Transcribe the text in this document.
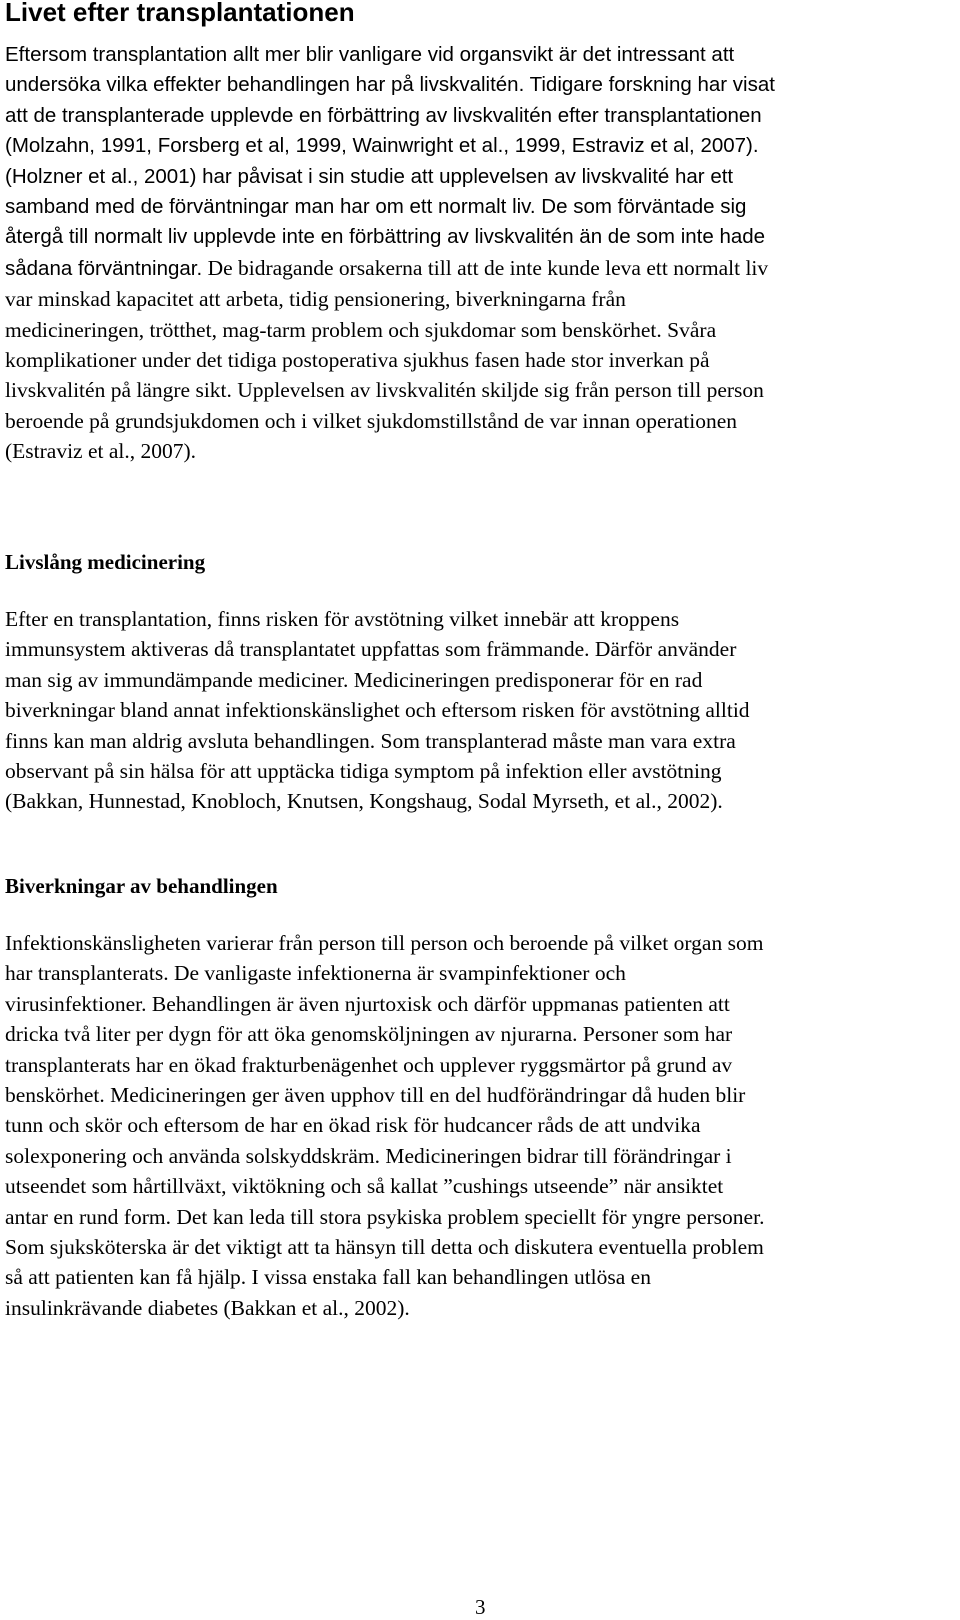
Livet efter transplantationen
Eftersom transplantation allt mer blir vanligare vid organsvikt är det intressant att
undersöka vilka effekter behandlingen har på livskvalitén. Tidigare forskning har visat
att de transplanterade upplevde en förbättring av livskvalitén efter transplantationen
(Molzahn, 1991, Forsberg et al, 1999, Wainwright et al., 1999, Estraviz et al, 2007).
(Holzner et al., 2001) har påvisat i sin studie att upplevelsen av livskvalité har ett
samband med de förväntningar man har om ett normalt liv. De som förväntade sig
återgå till normalt liv upplevde inte en förbättring av livskvalitén än de som inte hade
sådana förväntningar. De bidragande orsakerna till att de inte kunde leva ett normalt liv
var minskad kapacitet att arbeta, tidig pensionering, biverkningarna från
medicineringen, trötthet, mag-tarm problem och sjukdomar som benskörhet. Svåra
komplikationer under det tidiga postoperativa sjukhus fasen hade stor inverkan på
livskvalitén på längre sikt. Upplevelsen av livskvalitén skiljde sig från person till person
beroende på grundsjukdomen och i vilket sjukdomstillstånd de var innan operationen
(Estraviz et al., 2007).
Livslång medicinering
Efter en transplantation, finns risken för avstötning vilket innebär att kroppens
immunsystem aktiveras då transplantatet uppfattas som främmande. Därför använder
man sig av immundämpande mediciner. Medicineringen predisponerar för en rad
biverkningar bland annat infektionskänslighet och eftersom risken för avstötning alltid
finns kan man aldrig avsluta behandlingen. Som transplanterad måste man vara extra
observant på sin hälsa för att upptäcka tidiga symptom på infektion eller avstötning
(Bakkan, Hunnestad, Knobloch, Knutsen, Kongshaug, Sodal Myrseth, et al., 2002).
Biverkningar av behandlingen
Infektionskänsligheten varierar från person till person och beroende på vilket organ som
har transplanterats. De vanligaste infektionerna är svampinfektioner och
virusinfektioner. Behandlingen är även njurtoxisk och därför uppmanas patienten att
dricka två liter per dygn för att öka genomsköljningen av njurarna. Personer som har
transplanterats har en ökad frakturbenägenhet och upplever ryggsmärtor på grund av
benskörhet. Medicineringen ger även upphov till en del hudförändringar då huden blir
tunn och skör och eftersom de har en ökad risk för hudcancer råds de att undvika
solexponering och använda solskyddskräm. Medicineringen bidrar till förändringar i
utseendet som hårtillväxt, viktökning och så kallat ”cushings utseende” när ansiktet
antar en rund form. Det kan leda till stora psykiska problem speciellt för yngre personer.
Som sjuksköterska är det viktigt att ta hänsyn till detta och diskutera eventuella problem
så att patienten kan få hjälp. I vissa enstaka fall kan behandlingen utlösa en
insulinkrävande diabetes (Bakkan et al., 2002).

3
